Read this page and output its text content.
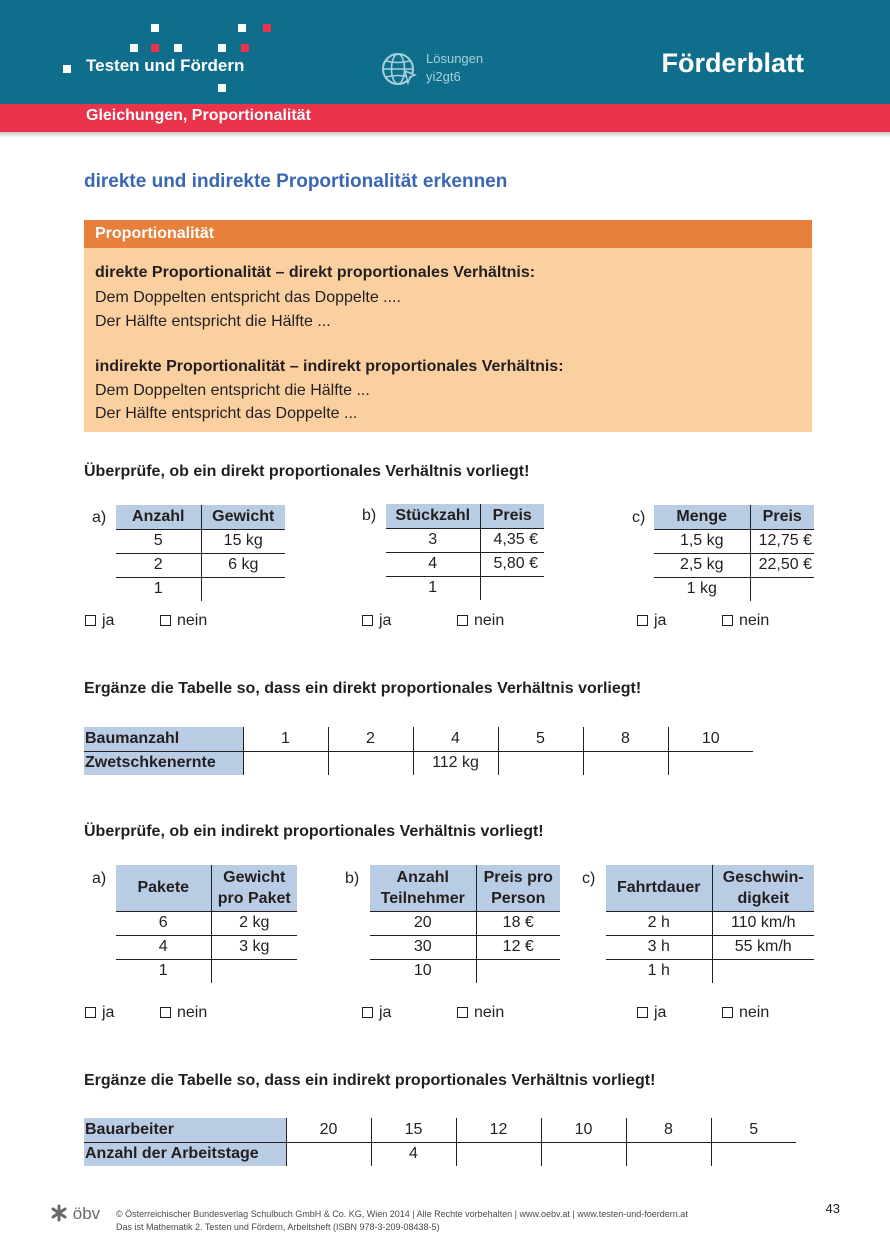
Testen und Fördern	Lösungen
yi2gt6	Förderblatt
Gleichungen, Proportionalität
direkte und indirekte Proportionalität erkennen
Proportionalität
direkte Proportionalität – direkt proportionales Verhältnis:
Dem Doppelten entspricht das Doppelte ....
Der Hälfte entspricht die Hälfte ...
indirekte Proportionalität – indirekt proportionales Verhältnis:
Dem Doppelten entspricht die Hälfte ...
Der Hälfte entspricht das Doppelte ...
Überprüfe, ob ein direkt proportionales Verhältnis vorliegt!
a) Anzahl	Gewicht
5	15 kg
2	6 kg
1	
b) Stückzahl	Preis
3	4,35 €
4	5,80 €
1	
c) Menge	Preis
1,5 kg	12,75 €
2,5 kg	22,50 €
1 kg	
ja	nein	ja	nein	ja	nein
Ergänze die Tabelle so, dass ein direkt proportionales Verhältnis vorliegt!
Baumanzahl	1	2	4	5	8	10
Zwetschkenernte			112 kg			
Überprüfe, ob ein indirekt proportionales Verhältnis vorliegt!
a)
Pakete	Gewicht
pro Paket
6	2 kg
4	3 kg
1	
b) Anzahl
Teilnehmer	Preis pro
Person
20	18 €
30	12 €
10	
c)
Fahrtdauer	Geschwin-
digkeit
2 h	110 km/h
3 h	55 km/h
1 h	
ja	nein	ja	nein	ja	nein
Ergänze die Tabelle so, dass ein indirekt proportionales Verhältnis vorliegt!
Bauarbeiter	20	15	12	10	8	5
Anzahl der Arbeitstage		4				
öbv © Österreichischer Bundesverlag Schulbuch GmbH & Co. KG, Wien 2014 | Alle Rechte vorbehalten | www.oebv.at | www.testen-und-foerdern.at
Das ist Mathematik 2. Testen und Fördern, Arbeitsheft (ISBN 978-3-209-08438-5)
43
